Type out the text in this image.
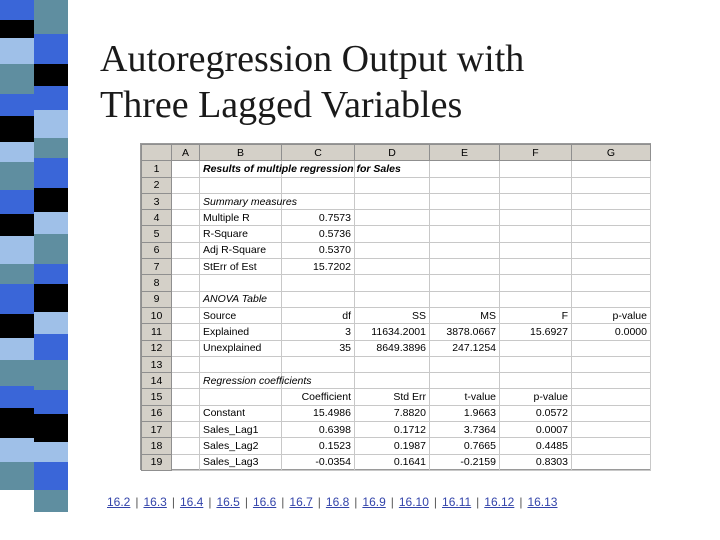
Autoregression Output with
Three Lagged Variables
	A	B	C	D	E	F	G
1		Results of multiple regression for Sales					
2							
3		Summary measures					
4		Multiple R	0.7573				
5		R-Square	0.5736				
6		Adj R-Square	0.5370				
7		StErr of Est	15.7202				
8							
9		ANOVA Table					
10		Source	df	SS	MS	F	p-value
11		Explained	3	11634.2001	3878.0667	15.6927	0.0000
12		Unexplained	35	8649.3896	247.1254		
13							
14		Regression coefficients					
15			Coefficient	Std Err	t-value	p-value	
16		Constant	15.4986	7.8820	1.9663	0.0572	
17		Sales_Lag1	0.6398	0.1712	3.7364	0.0007	
18		Sales_Lag2	0.1523	0.1987	0.7665	0.4485	
19		Sales_Lag3	-0.0354	0.1641	-0.2159	0.8303	
16.2 | 16.3 | 16.4 | 16.5 | 16.6 | 16.7 | 16.8 | 16.9 | 16.10 | 16.11 | 16.12 | 16.13
